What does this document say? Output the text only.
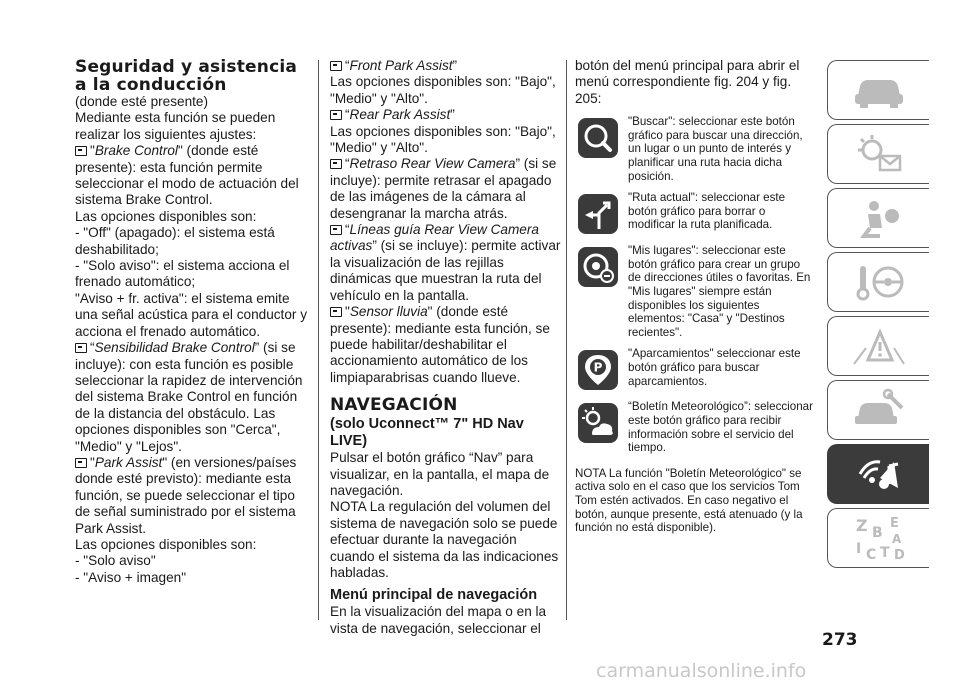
Seguridad y asistencia
a la conducción

(donde esté presente)

Mediante esta función se pueden realizar los siguientes ajustes:

"Brake Control" (donde esté presente): esta función permite seleccionar el modo de actuación del sistema Brake Control.

Las opciones disponibles son:

- "Off" (apagado): el sistema está deshabilitado;

- "Solo aviso": el sistema acciona el frenado automático;

"Aviso + fr. activa": el sistema emite una señal acústica para el conductor y acciona el frenado automático.

“Sensibilidad Brake Control” (si se incluye): con esta función es posible seleccionar la rapidez de intervención del sistema Brake Control en función de la distancia del obstáculo. Las opciones disponibles son "Cerca", "Medio" y "Lejos".

"Park Assist" (en versiones/países donde esté previsto): mediante esta función, se puede seleccionar el tipo de señal suministrado por el sistema Park Assist.

Las opciones disponibles son:

- "Solo aviso"

- "Aviso + imagen"

“Front Park Assist”

Las opciones disponibles son: "Bajo", "Medio" y "Alto".

“Rear Park Assist”

Las opciones disponibles son: "Bajo", "Medio" y "Alto".

“Retraso Rear View Camera” (si se incluye): permite retrasar el apagado de las imágenes de la cámara al desengranar la marcha atrás.

“Líneas guía Rear View Camera activas” (si se incluye): permite activar la visualización de las rejillas dinámicas que muestran la ruta del vehículo en la pantalla.

"Sensor lluvia" (donde esté presente): mediante esta función, se puede habilitar/deshabilitar el accionamiento automático de los limpiaparabrisas cuando llueve.

NAVEGACIÓN
(solo Uconnect™ 7" HD Nav LIVE)

Pulsar el botón gráfico “Nav” para visualizar, en la pantalla, el mapa de navegación.

NOTA La regulación del volumen del sistema de navegación solo se puede efectuar durante la navegación cuando el sistema da las indicaciones habladas.

Menú principal de navegación

En la visualización del mapa o en la vista de navegación, seleccionar el

botón del menú principal para abrir el menú correspondiente fig. 204 y fig. 205:

"Buscar": seleccionar este botón gráfico para buscar una dirección, un lugar o un punto de interés y planificar una ruta hacia dicha posición.
"Ruta actual": seleccionar este botón gráfico para borrar o modificar la ruta planificada.
"Mis lugares": seleccionar este botón gráfico para crear un grupo de direcciones útiles o favoritas. En "Mis lugares" siempre están disponibles los siguientes elementos: "Casa" y "Destinos recientes".
P
"Aparcamientos" seleccionar este botón gráfico para buscar aparcamientos.
“Boletín Meteorológico”: seleccionar este botón gráfico para recibir información sobre el servicio del tiempo.

NOTA La función "Boletín Meteorológico" se activa solo en el caso que los servicios Tom Tom estén activados. En caso negativo el botón, aunque presente, está atenuado (y la función no está disponible).	Z E
B A
I C T D
273
carmanualsonline.info
